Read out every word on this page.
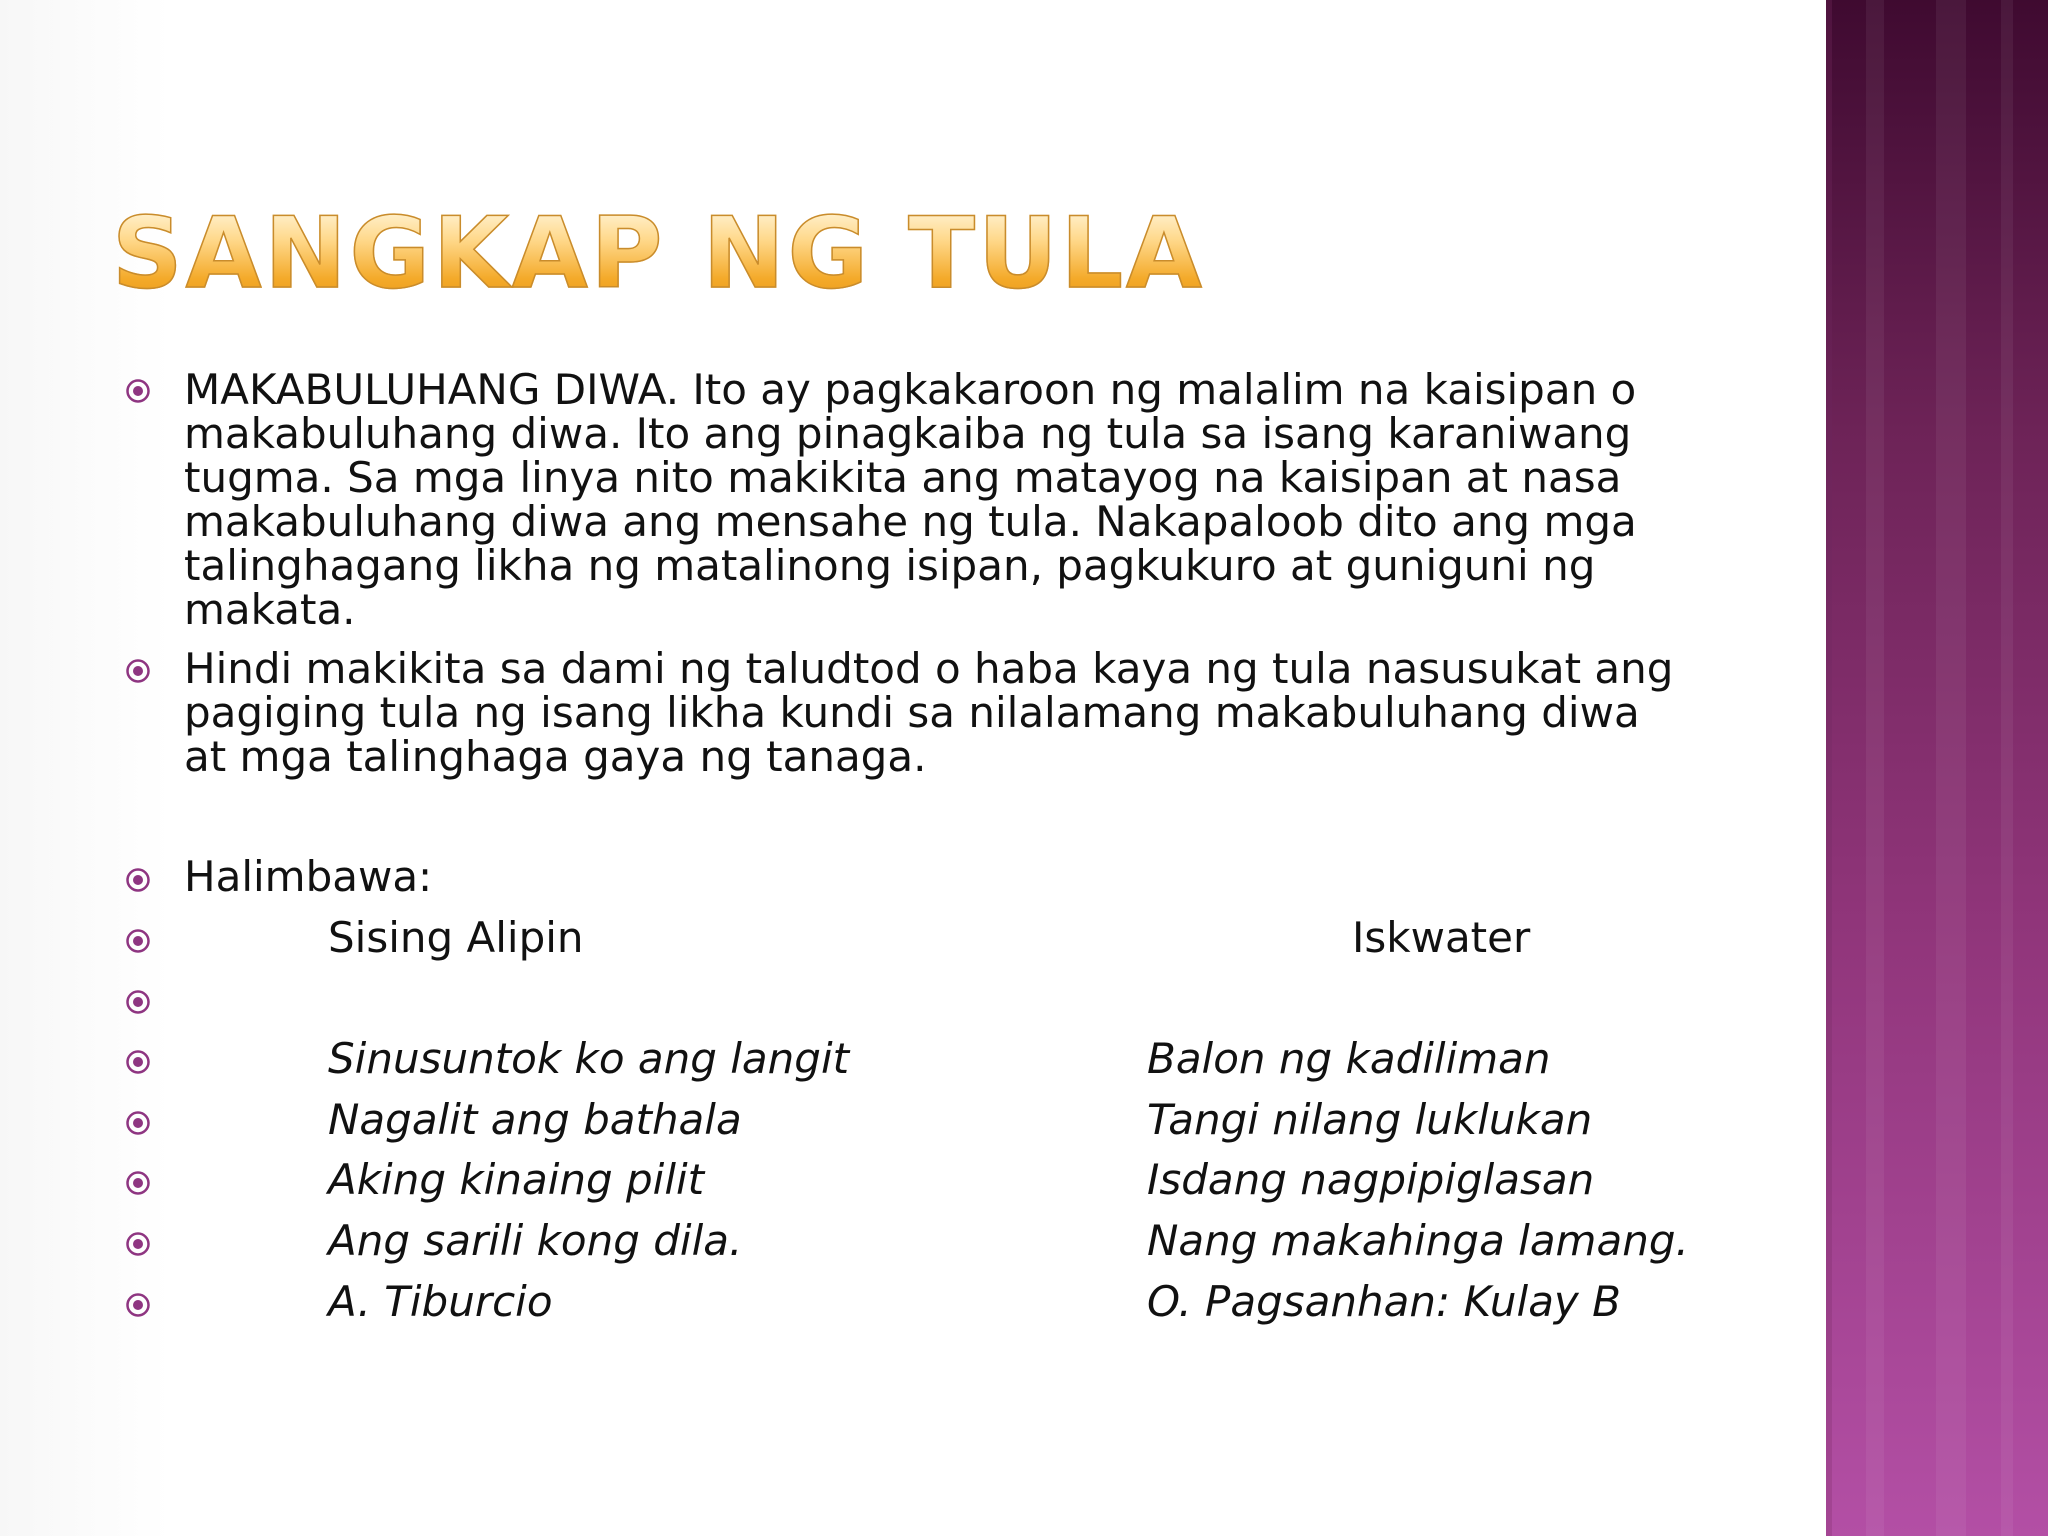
SANGKAP NG TULA

MAKABULUHANG DIWA. Ito ay pagkakaroon ng malalim na kaisipan o makabuluhang diwa. Ito ang pinagkaiba ng tula sa isang karaniwang tugma. Sa mga linya nito makikita ang matayog na kaisipan at nasa makabuluhang diwa ang mensahe ng tula. Nakapaloob dito ang mga talinghagang likha ng matalinong isipan, pagkukuro at guniguni ng makata.

Hindi makikita sa dami ng taludtod o haba kaya ng tula nasusukat ang pagiging tula ng isang likha kundi sa nilalamang makabuluhang diwa at mga talinghaga gaya ng tanaga.

Halimbawa:
Sising Alipin	Iskwater
Sinusuntok ko ang langit	Balon ng kadiliman
Nagalit ang bathala	Tangi nilang luklukan
Aking kinaing pilit	Isdang nagpipiglasan
Ang sarili kong dila.	Nang makahinga lamang.
A. Tiburcio	O. Pagsanhan: Kulay B
